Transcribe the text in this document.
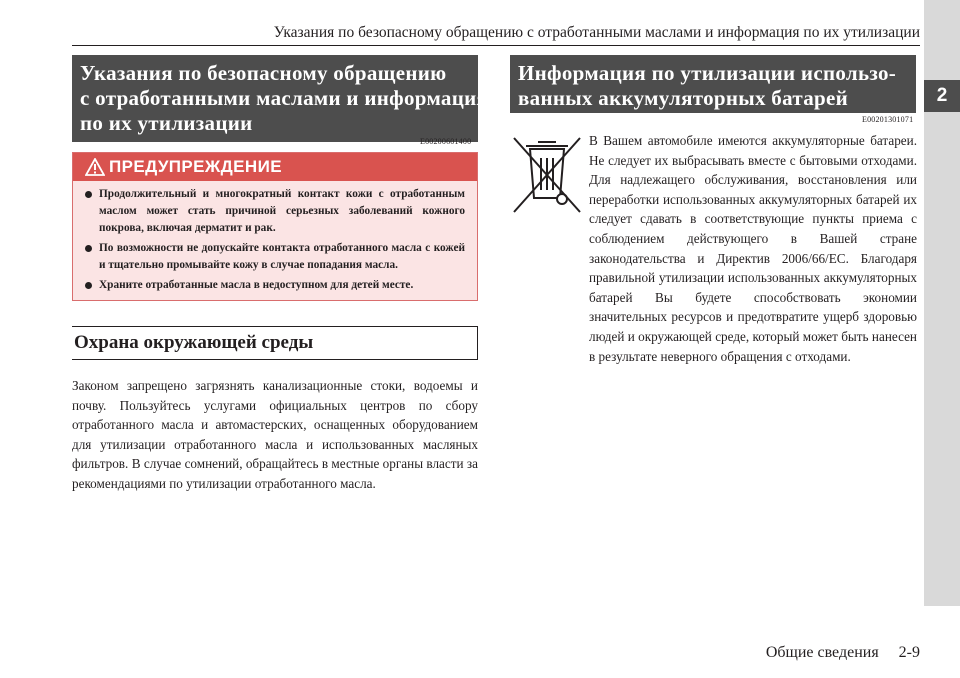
Указания по безопасному обращению с отработанными маслами и информация по их утилизации
2
Указания по безопасному обращению
с отработанными маслами и информация
по их утилизации
E00200601400
ПРЕДУПРЕЖДЕНИЕ
Продолжительный и многократный контакт кожи с отработанным маслом может стать причиной серьезных заболеваний кожного покрова, включая дерматит и рак.
По возможности не допускайте контакта отработанного масла с кожей и тщательно промывайте кожу в случае попадания масла.
Храните отработанные масла в недоступном для детей месте.
Охрана окружающей среды
Законом запрещено загрязнять канализационные стоки, водоемы и почву. Пользуйтесь услугами официальных центров по сбору отработанного масла и автомастерских, оснащенных оборудованием для утилизации отработанного масла и использованных масляных фильтров. В случае сомнений, обращайтесь в местные органы власти за рекомендациями по утилизации отработанного масла.
Информация по утилизации использо-
ванных аккумуляторных батарей
E00201301071
В Вашем автомобиле имеются аккумуляторные батареи. Не следует их выбрасывать вместе с бытовыми отходами. Для надлежащего обслуживания, восстановления или переработки использованных аккумуляторных батарей их следует сдавать в соответствующие пункты приема с соблюдением действующего в Вашей стране законодательства и Директив 2006/66/EC. Благодаря правильной утилизации использованных аккумуляторных батарей Вы будете способствовать экономии значительных ресурсов и предотвратите ущерб здоровью людей и окружающей среде, который может быть нанесен в результате неверного обращения с отходами.
Общие сведения 2-9
